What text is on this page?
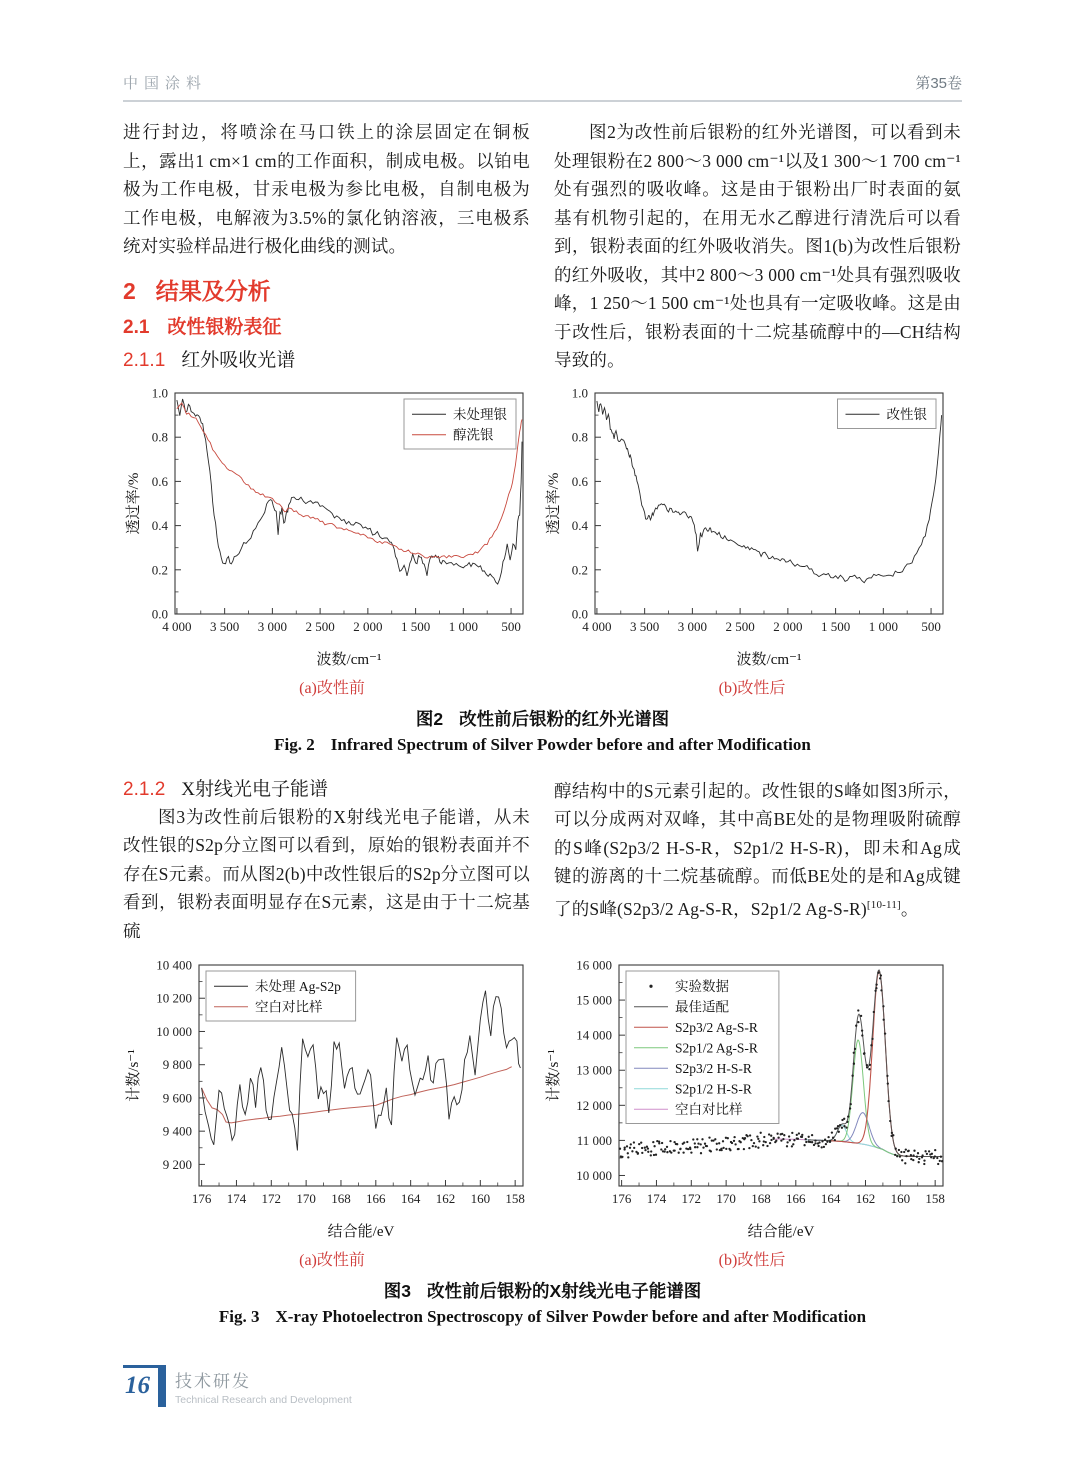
中国涂料	第35卷

进行封边，将喷涂在马口铁上的涂层固定在铜板上，露出1 cm×1 cm的工作面积，制成电极。以铂电极为工作电极，甘汞电极为参比电极，自制电极为工作电极，电解液为3.5%的氯化钠溶液，三电极系统对实验样品进行极化曲线的测试。

2 结果及分析
2.1 改性银粉表征
2.1.1 红外吸收光谱

图2为改性前后银粉的红外光谱图，可以看到未处理银粉在2 800～3 000 cm⁻¹以及1 300～1 700 cm⁻¹处有强烈的吸收峰。这是由于银粉出厂时表面的氨基有机物引起的，在用无水乙醇进行清洗后可以看到，银粉表面的红外吸收消失。图1(b)为改性后银粉的红外吸收，其中2 800～3 000 cm⁻¹处具有强烈吸收峰，1 250～1 500 cm⁻¹处也具有一定吸收峰。这是由于改性后，银粉表面的十二烷基硫醇中的—CH结构导致的。

4 000 3 500 3 000 2 500 2 000 1 500 1 000 500
0.0
0.2
0.4
0.6
0.8
1.0
波数/cm⁻¹
透过率/%
未处理银
醇洗银
4 000 3 500 3 000 2 500 2 000 1 500 1 000 500
0.0
0.2
0.4
0.6
0.8
1.0
波数/cm⁻¹
透过率/%
改性银
(a)改性前	(b)改性后
图2 改性前后银粉的红外光谱图
Fig. 2 Infrared Spectrum of Silver Powder before and after Modification
2.1.2 X射线光电子能谱

图3为改性前后银粉的X射线光电子能谱，从未改性银的S2p分立图可以看到，原始的银粉表面并不存在S元素。而从图2(b)中改性银后的S2p分立图可以看到，银粉表面明显存在S元素，这是由于十二烷基硫

醇结构中的S元素引起的。改性银的S峰如图3所示，可以分成两对双峰，其中高BE处的是物理吸附硫醇的S峰(S2p3/2 H-S-R，S2p1/2 H-S-R)，即未和Ag成键的游离的十二烷基硫醇。而低BE处的是和Ag成键了的S峰(S2p3/2 Ag-S-R，S2p1/2 Ag-S-R)[10-11]。

176 174 172 170 168 166 164 162 160 158
9 200
9 400
9 600
9 800
10 000
10 200
10 400
结合能/eV
计数/s⁻¹
未处理 Ag-S2p
空白对比样
176 174 172 170 168 166 164 162 160 158
10 000
11 000
12 000
13 000
14 000
15 000
16 000
结合能/eV
计数/s⁻¹
实验数据
最佳适配
S2p3/2 Ag-S-R
S2p1/2 Ag-S-R
S2p3/2 H-S-R
S2p1/2 H-S-R
空白对比样
(a)改性前	(b)改性后
图3 改性前后银粉的X射线光电子能谱图
Fig. 3 X-ray Photoelectron Spectroscopy of Silver Powder before and after Modification
16	技术研发
Technical Research and Development
